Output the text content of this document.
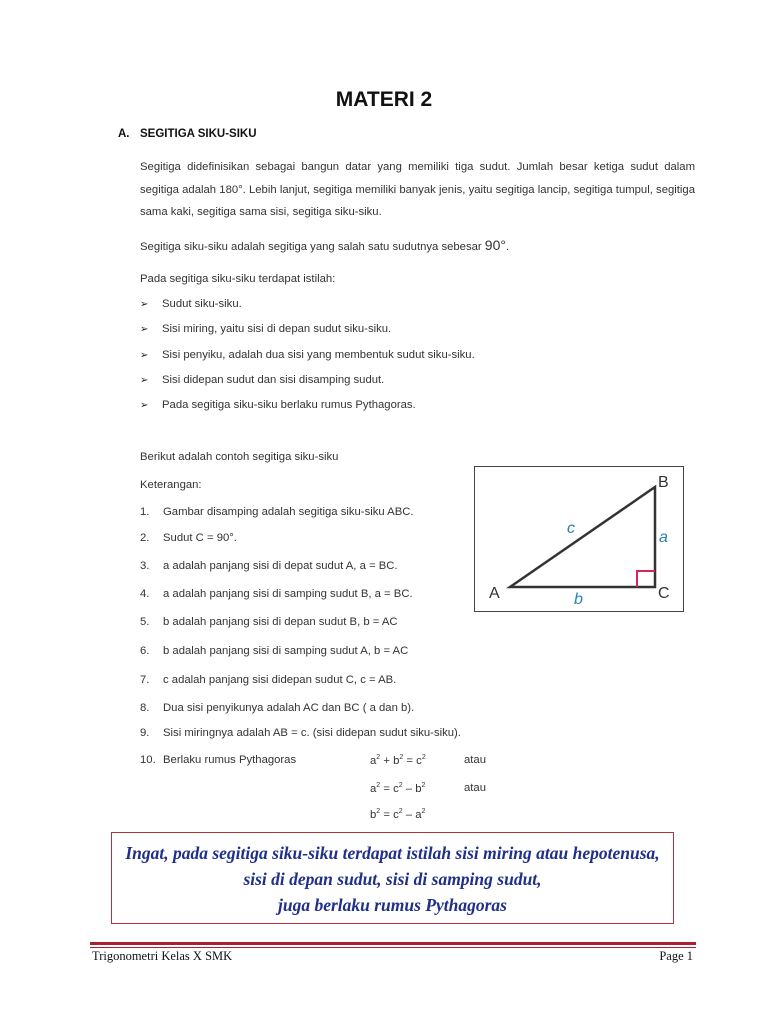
MATERI 2
A. SEGITIGA SIKU-SIKU
Segitiga didefinisikan sebagai bangun datar yang memiliki tiga sudut. Jumlah besar ketiga sudut dalam segitiga adalah 180°. Lebih lanjut, segitiga memiliki banyak jenis, yaitu segitiga lancip, segitiga tumpul, segitiga sama kaki, segitiga sama sisi, segitiga siku-siku.
Segitiga siku-siku adalah segitiga yang salah satu sudutnya sebesar 90°.
Pada segitiga siku-siku terdapat istilah:
➢ Sudut siku-siku.
➢ Sisi miring, yaitu sisi di depan sudut siku-siku.
➢ Sisi penyiku, adalah dua sisi yang membentuk sudut siku-siku.
➢ Sisi didepan sudut dan sisi disamping sudut.
➢ Pada segitiga siku-siku berlaku rumus Pythagoras.
Berikut adalah contoh segitiga siku-siku
Keterangan:
1. Gambar disamping adalah segitiga siku-siku ABC.
2. Sudut C = 90°.
3. a adalah panjang sisi di depat sudut A, a = BC.
4. a adalah panjang sisi di samping sudut B, a = BC.
5. b adalah panjang sisi di depan sudut B, b = AC
6. b adalah panjang sisi di samping sudut A, b = AC
7. c adalah panjang sisi didepan sudut C, c = AB.
8. Dua sisi penyikunya adalah AC dan BC ( a dan b).
9. Sisi miringnya adalah AB = c. (sisi didepan sudut siku-siku).
10. Berlaku rumus Pythagoras	$a^2 + b^2 = c^2$	atau
$a^2 = c^2 - b^2$	atau
$b^2 = c^2 - a^2$
A
B
C
a
b
c
Ingat, pada segitiga siku-siku terdapat istilah sisi miring atau hepotenusa,
sisi di depan sudut, sisi di samping sudut,
juga berlaku rumus Pythagoras
Trigonometri Kelas X SMK	Page 1
